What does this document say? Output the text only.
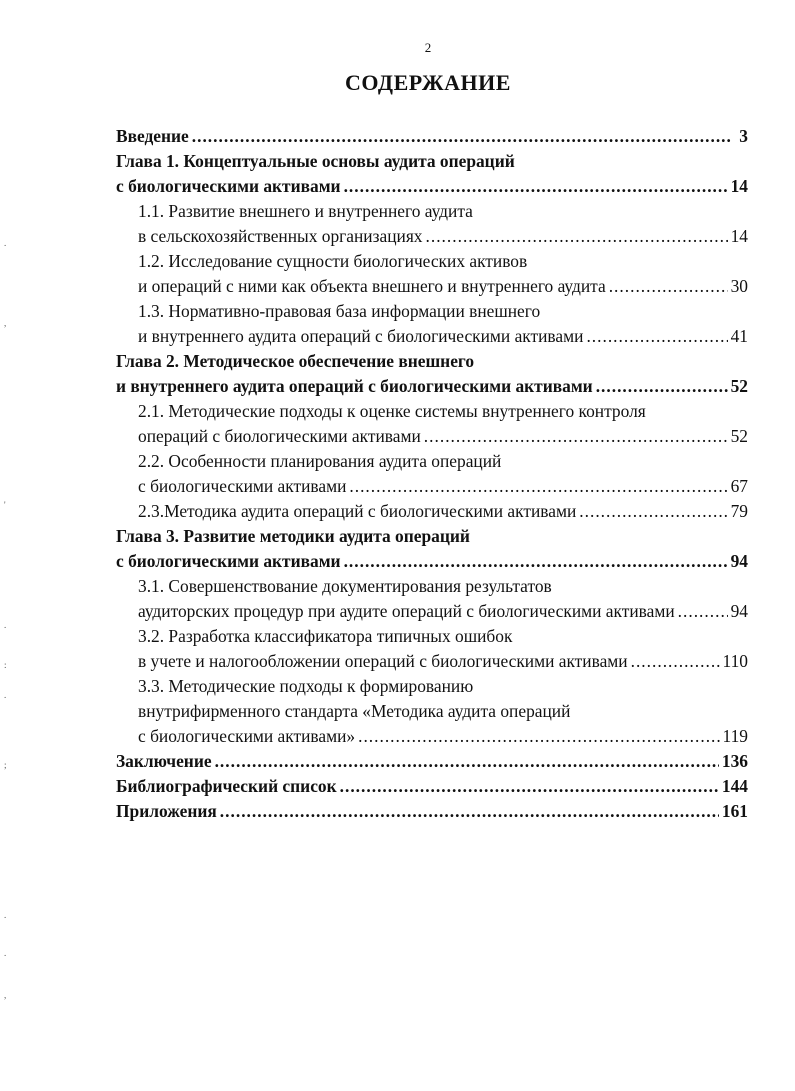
2
СОДЕРЖАНИЕ
Введение .....	3
Глава 1. Концептуальные основы аудита операций
с биологическими активами .....	14
1.1. Развитие внешнего и внутреннего аудита
в сельскохозяйственных организациях .....	14
1.2. Исследование сущности биологических активов
и операций с ними как объекта внешнего и внутреннего аудита .....	30
1.3. Нормативно-правовая база информации внешнего
и внутреннего аудита операций с биологическими активами .....	41
Глава 2. Методическое обеспечение внешнего
и внутреннего аудита операций с биологическими активами .....	52
2.1. Методические подходы к оценке системы внутреннего контроля
операций с биологическими активами .....	52
2.2. Особенности планирования аудита операций
с биологическими активами .....	67
2.3.Методика аудита операций с биологическими активами .....	79
Глава 3. Развитие методики аудита операций
с биологическими активами .....	94
3.1. Совершенствование документирования результатов
аудиторских процедур при аудите операций с биологическими активами .....	94
3.2. Разработка классификатора типичных ошибок
в учете и налогообложении операций с биологическими активами .....	110
3.3. Методические подходы к формированию
внутрифирменного стандарта «Методика аудита операций
с биологическими активами» .....	119
Заключение .....	136
Библиографический список .....	144
Приложения .....	161
.
,
'
.
:
.
;
.
.
,
